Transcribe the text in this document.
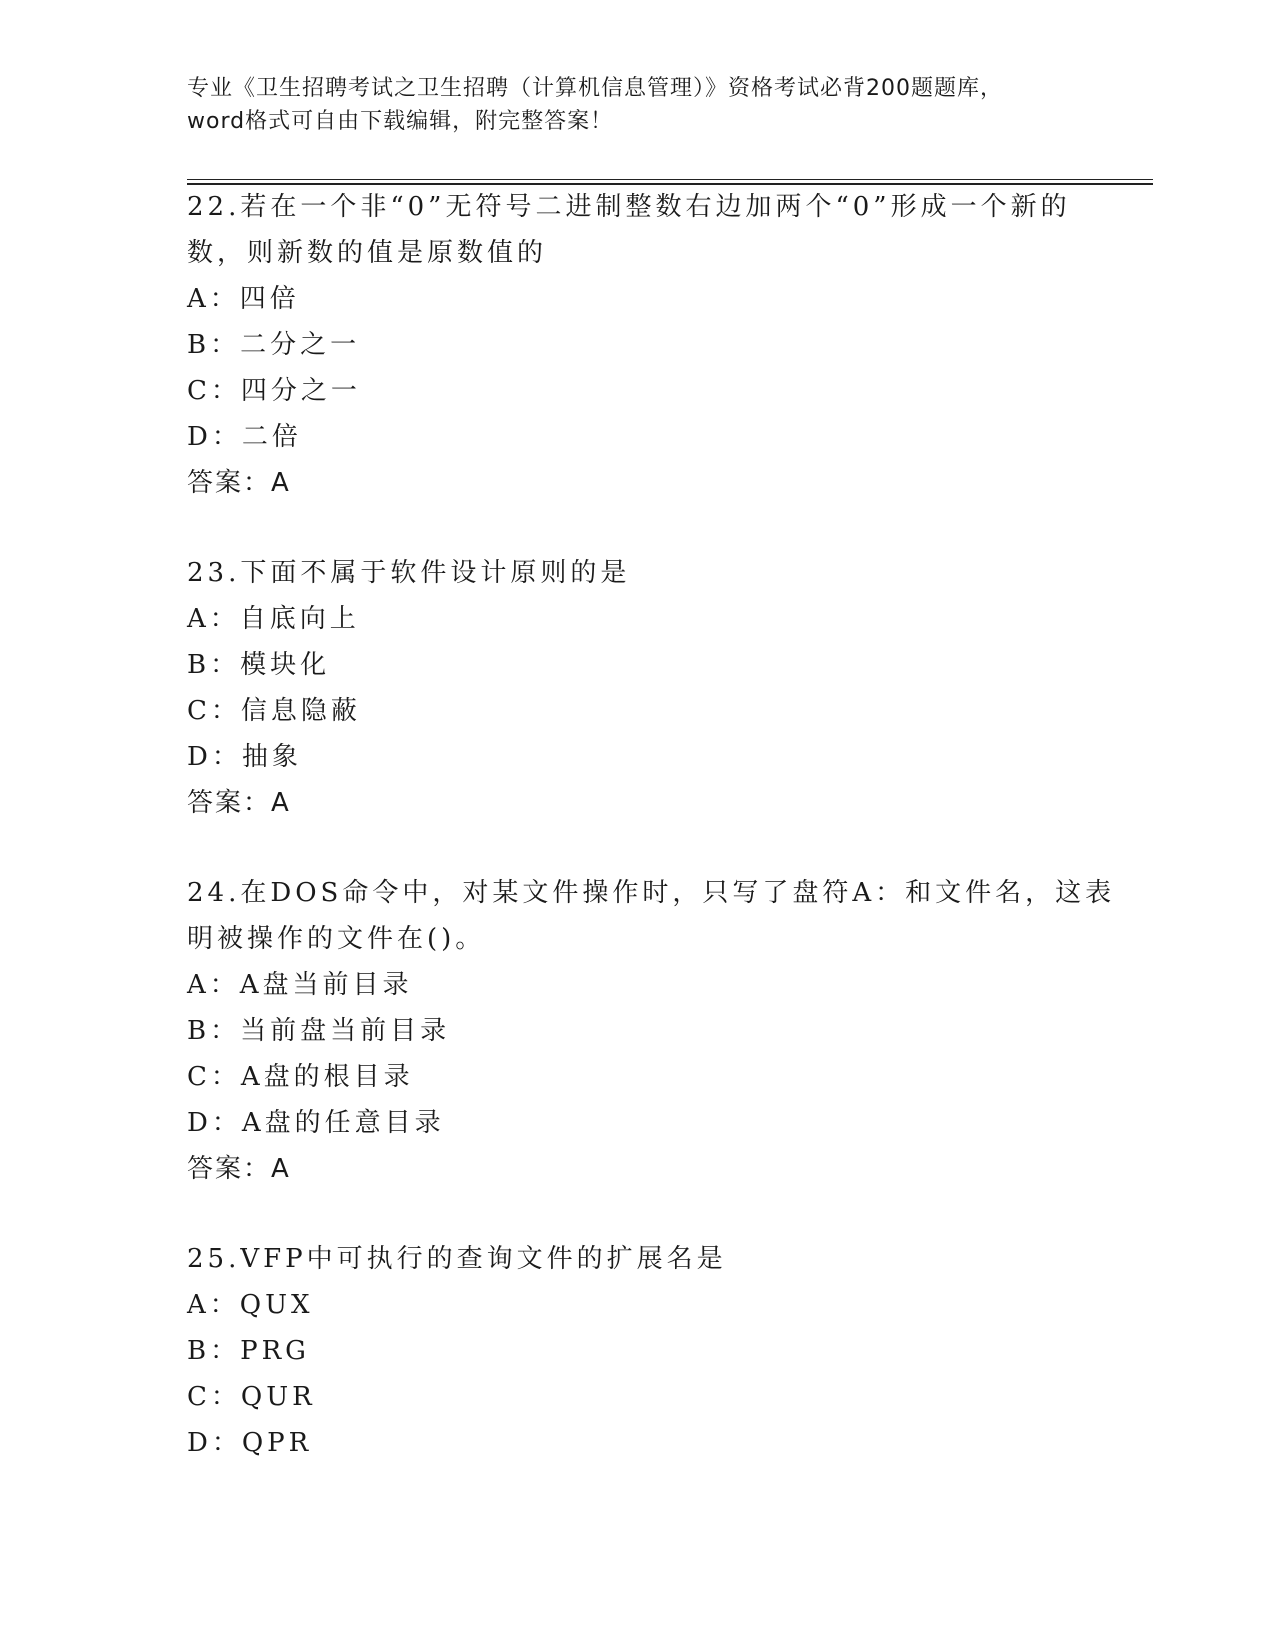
专业《卫生招聘考试之卫生招聘（计算机信息管理）》资格考试必背200题题库，
word格式可自由下载编辑，附完整答案！

22.若在一个非“0”无符号二进制整数右边加两个“0”形成一个新的

数，则新数的值是原数值的

A：四倍

B：二分之一

C：四分之一

D：二倍

答案：A

23.下面不属于软件设计原则的是

A：自底向上

B：模块化

C：信息隐蔽

D：抽象

答案：A

24.在DOS命令中，对某文件操作时，只写了盘符A：和文件名，这表

明被操作的文件在()。

A：A盘当前目录

B：当前盘当前目录

C：A盘的根目录

D：A盘的任意目录

答案：A

25.VFP中可执行的查询文件的扩展名是

A：QUX

B：PRG

C：QUR

D：QPR
